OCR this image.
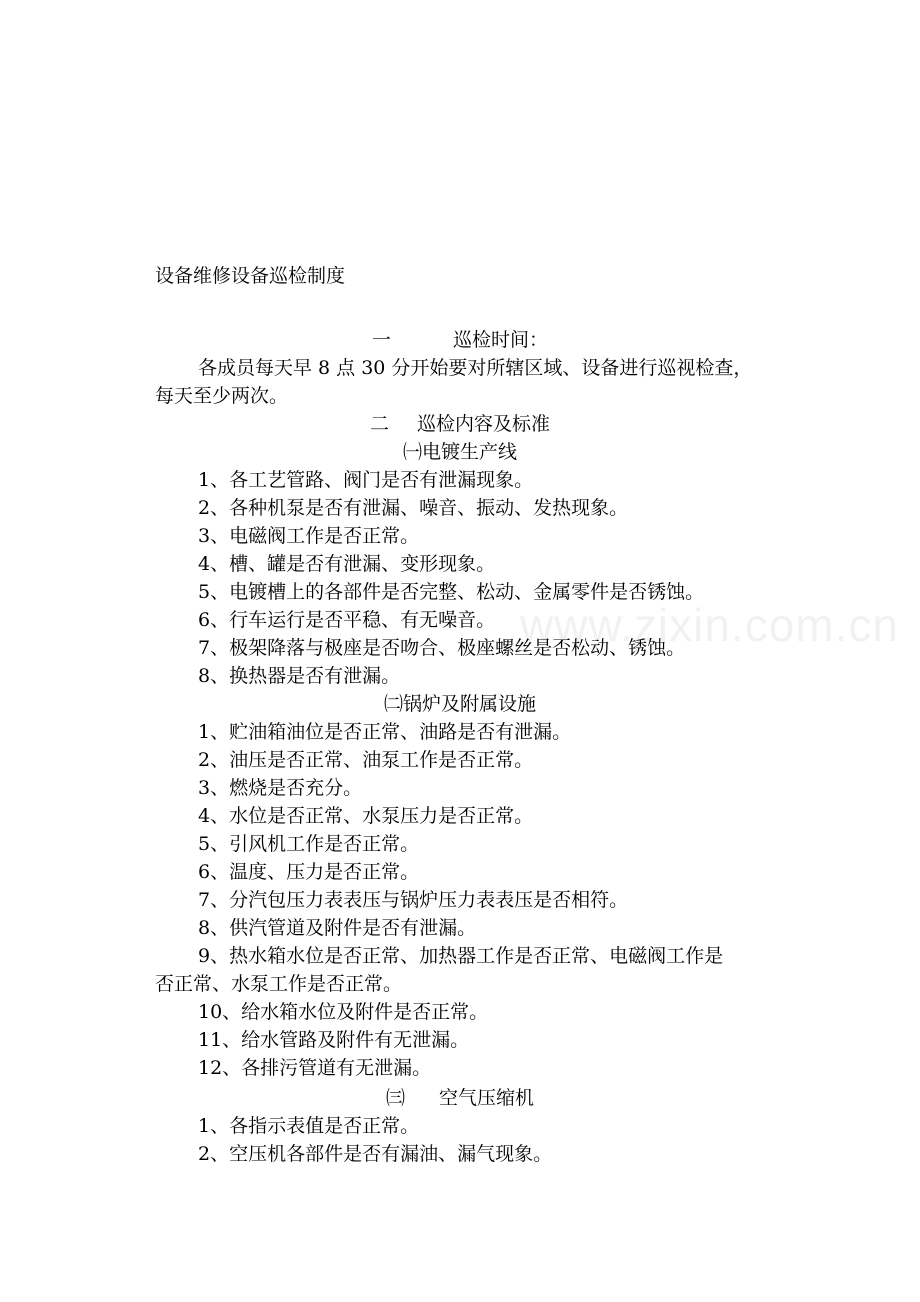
www.zixin.com.cn
设备维修设备巡检制度
一	巡检时间：
各成员每天早 8 点 30 分开始要对所辖区域、设备进行巡视检查，
每天至少两次。
二 巡检内容及标准
㈠电镀生产线
1、各工艺管路、阀门是否有泄漏现象。
2、各种机泵是否有泄漏、噪音、振动、发热现象。
3、电磁阀工作是否正常。
4、槽、罐是否有泄漏、变形现象。
5、电镀槽上的各部件是否完整、松动、金属零件是否锈蚀。
6、行车运行是否平稳、有无噪音。
7、极架降落与极座是否吻合、极座螺丝是否松动、锈蚀。
8、换热器是否有泄漏。
㈡锅炉及附属设施
1、贮油箱油位是否正常、油路是否有泄漏。
2、油压是否正常、油泵工作是否正常。
3、燃烧是否充分。
4、水位是否正常、水泵压力是否正常。
5、引风机工作是否正常。
6、温度、压力是否正常。
7、分汽包压力表表压与锅炉压力表表压是否相符。
8、供汽管道及附件是否有泄漏。
9、热水箱水位是否正常、加热器工作是否正常、电磁阀工作是
否正常、水泵工作是否正常。
10、给水箱水位及附件是否正常。
11、给水管路及附件有无泄漏。
12、各排污管道有无泄漏。
㈢ 空气压缩机
1、各指示表值是否正常。
2、空压机各部件是否有漏油、漏气现象。
